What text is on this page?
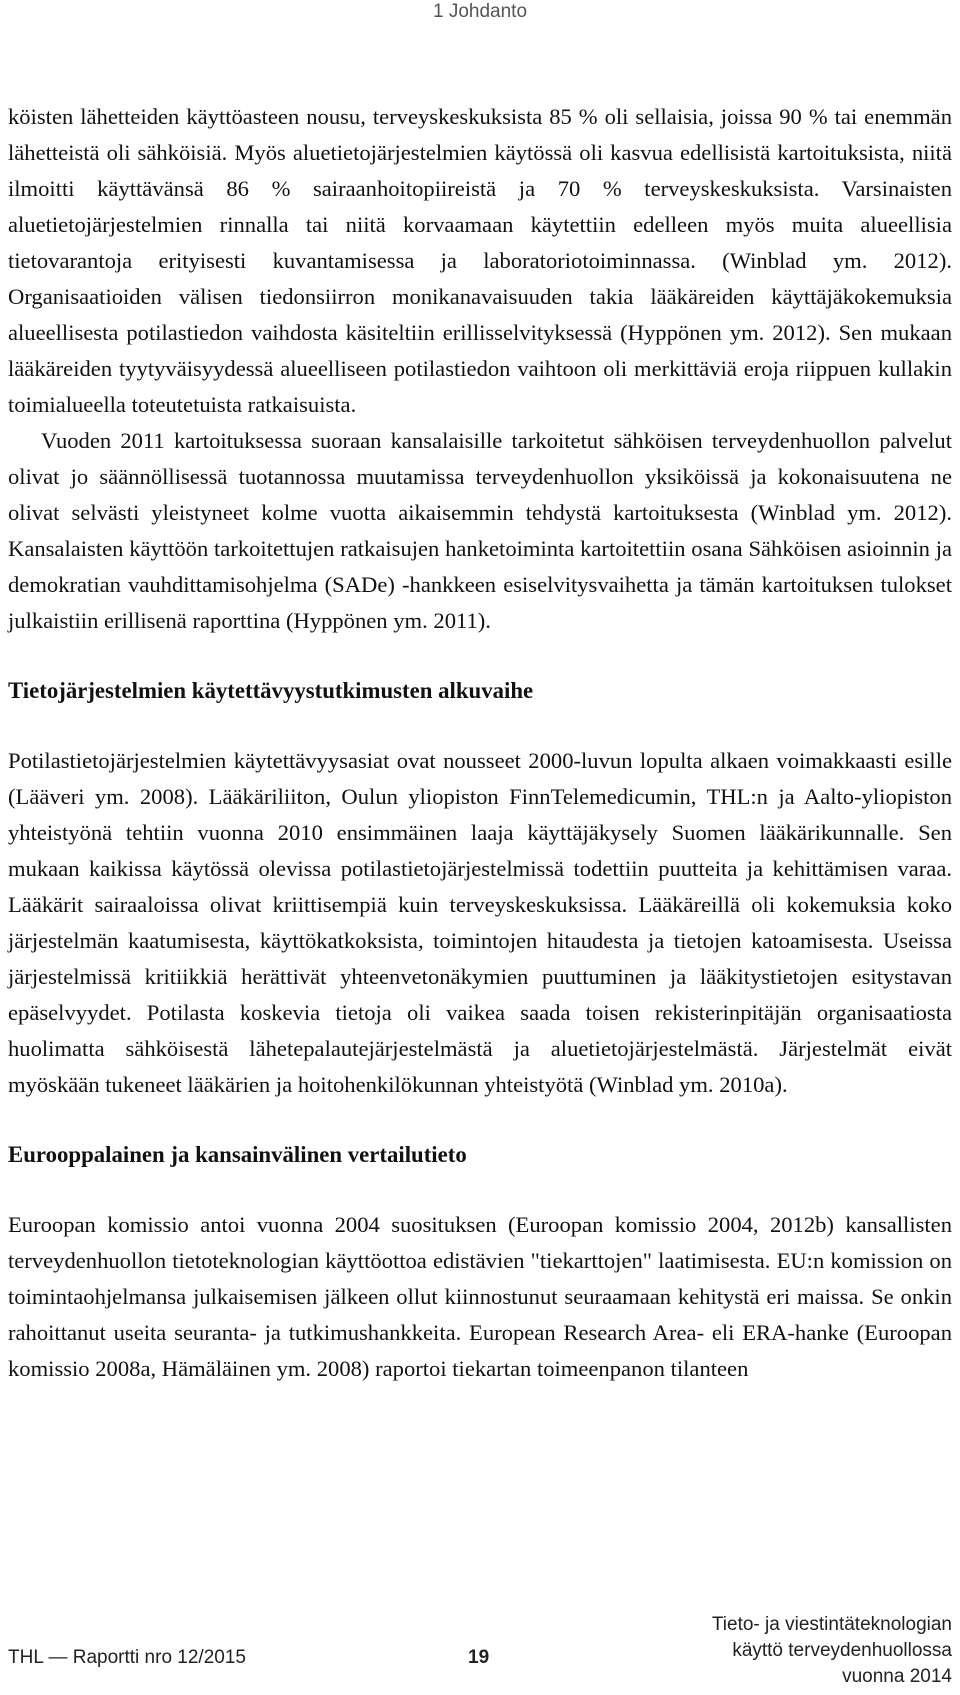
1 Johdanto

köisten lähetteiden käyttöasteen nousu, terveyskeskuksista 85 % oli sellaisia, joissa 90 % tai enemmän lähetteistä oli sähköisiä. Myös aluetietojärjestelmien käytössä oli kasvua edellisistä kartoituksista, niitä ilmoitti käyttävänsä 86 % sairaanhoitopiireistä ja 70 % terveyskeskuksista. Varsinaisten aluetietojärjestelmien rinnalla tai niitä korvaamaan käytettiin edelleen myös muita alueellisia tietovarantoja erityisesti kuvantamisessa ja laboratoriotoiminnassa. (Winblad ym. 2012). Organisaatioiden välisen tiedonsiirron monikanavaisuuden takia lääkäreiden käyttäjäkokemuksia alueellisesta potilastiedon vaihdosta käsiteltiin erillisselvityksessä (Hyppönen ym. 2012). Sen mukaan lääkäreiden tyytyväisyydessä alueelliseen potilastiedon vaihtoon oli merkittäviä eroja riippuen kullakin toimialueella toteutetuista ratkaisuista.

Vuoden 2011 kartoituksessa suoraan kansalaisille tarkoitetut sähköisen terveydenhuollon palvelut olivat jo säännöllisessä tuotannossa muutamissa terveydenhuollon yksiköissä ja kokonaisuutena ne olivat selvästi yleistyneet kolme vuotta aikaisemmin tehdystä kartoituksesta (Winblad ym. 2012). Kansalaisten käyttöön tarkoitettujen ratkaisujen hanketoiminta kartoitettiin osana Sähköisen asioinnin ja demokratian vauhdittamisohjelma (SADe) -hankkeen esiselvitysvaihetta ja tämän kartoituksen tulokset julkaistiin erillisenä raporttina (Hyppönen ym. 2011).

Tietojärjestelmien käytettävyystutkimusten alkuvaihe

Potilastietojärjestelmien käytettävyysasiat ovat nousseet 2000-luvun lopulta alkaen voimakkaasti esille (Lääveri ym. 2008). Lääkäriliiton, Oulun yliopiston FinnTelemedicumin, THL:n ja Aalto-yliopiston yhteistyönä tehtiin vuonna 2010 ensimmäinen laaja käyttäjäkysely Suomen lääkärikunnalle. Sen mukaan kaikissa käytössä olevissa potilastietojärjestelmissä todettiin puutteita ja kehittämisen varaa. Lääkärit sairaaloissa olivat kriittisempiä kuin terveyskeskuksissa. Lääkäreillä oli kokemuksia koko järjestelmän kaatumisesta, käyttökatkoksista, toimintojen hitaudesta ja tietojen katoamisesta. Useissa järjestelmissä kritiikkiä herättivät yhteenvetonäkymien puuttuminen ja lääkitystietojen esitystavan epäselvyydet. Potilasta koskevia tietoja oli vaikea saada toisen rekisterinpitäjän organisaatiosta huolimatta sähköisestä lähetepalautejärjestelmästä ja aluetietojärjestelmästä. Järjestelmät eivät myöskään tukeneet lääkärien ja hoitohenkilökunnan yhteistyötä (Winblad ym. 2010a).

Eurooppalainen ja kansainvälinen vertailutieto

Euroopan komissio antoi vuonna 2004 suosituksen (Euroopan komissio 2004, 2012b) kansallisten terveydenhuollon tietoteknologian käyttöottoa edistävien "tiekarttojen" laatimisesta. EU:n komission on toimintaohjelmansa julkaisemisen jälkeen ollut kiinnostunut seuraamaan kehitystä eri maissa. Se onkin rahoittanut useita seuranta- ja tutkimushankkeita. European Research Area- eli ERA-hanke (Euroopan komissio 2008a, Hämäläinen ym. 2008) raportoi tiekartan toimeenpanon tilanteen

THL — Raportti nro 12/2015	19
Tieto- ja viestintäteknologian
käyttö terveydenhuollossa
vuonna 2014
